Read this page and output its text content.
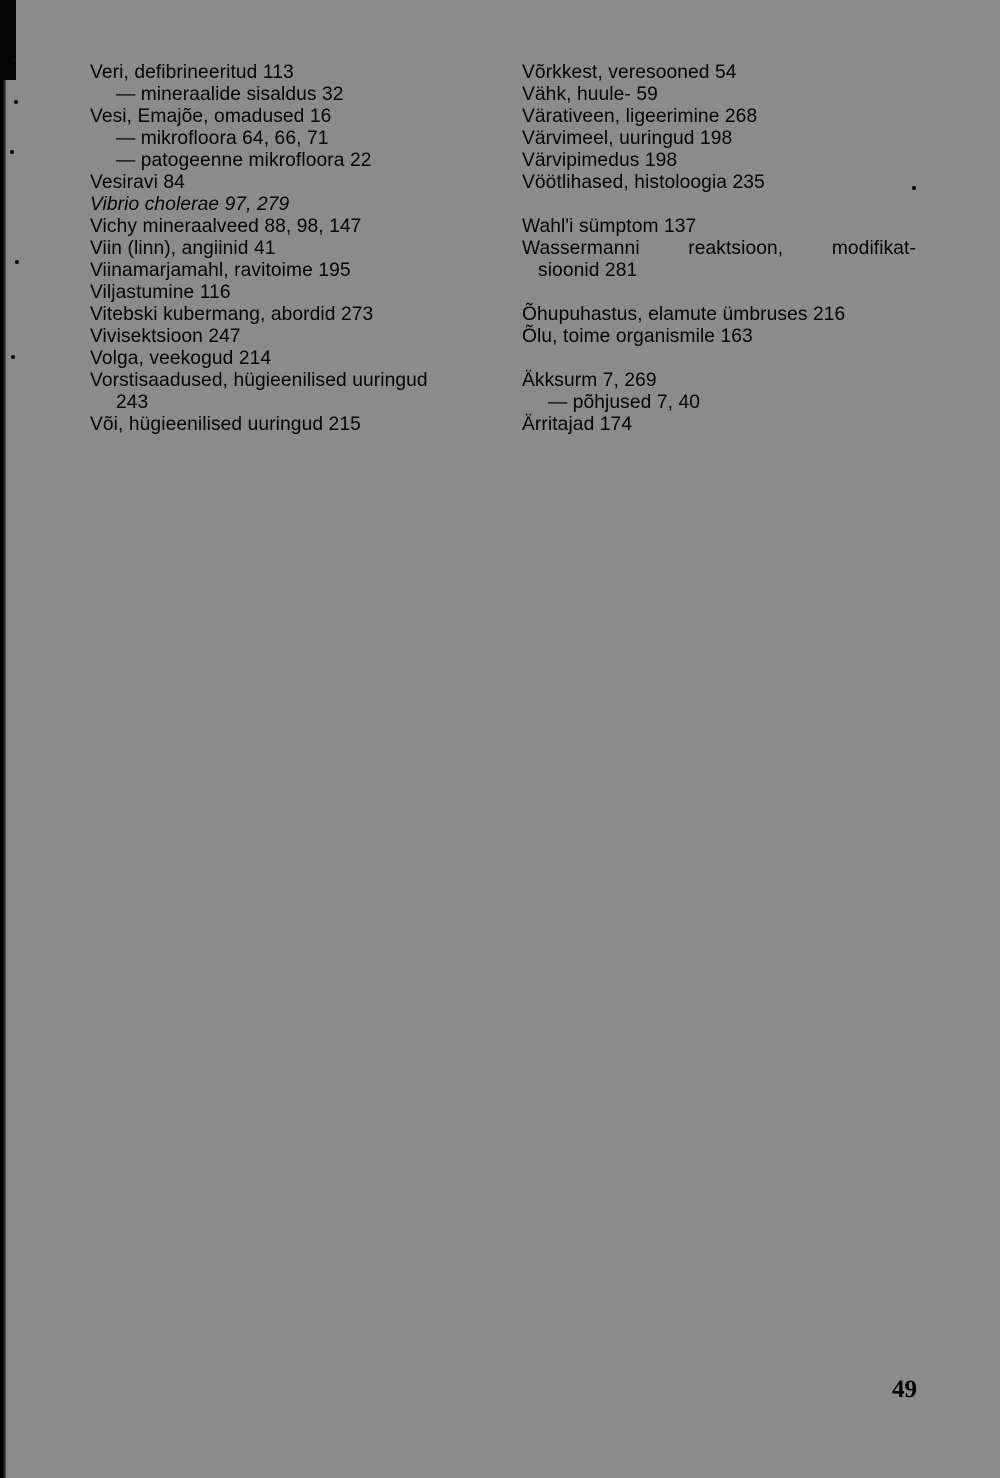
Veri, defibrineeritud 113
— mineraalide sisaldus 32
Vesi, Emajõe, omadused 16
— mikrofloora 64, 66, 71
— patogeenne mikrofloora 22
Vesiravi 84
Vibrio cholerae 97, 279
Vichy mineraalveed 88, 98, 147
Viin (linn), angiinid 41
Viinamarjamahl, ravitoime 195
Viljastumine 116
Vitebski kubermang, abordid 273
Vivisektsioon 247
Volga, veekogud 214
Vorstisaadused, hügieenilised uuringud
243
Või, hügieenilised uuringud 215
Võrkkest, veresooned 54
Vähk, huule- 59
Värativeen, ligeerimine 268
Värvimeel, uuringud 198
Värvipimedus 198
Vöötlihased, histoloogia 235
Wahl'i sümptom 137
Wassermanni	reaktsioon,	modifikat-
sioonid 281
Õhupuhastus, elamute ümbruses 216
Õlu, toime organismile 163
Äkksurm 7, 269
— põhjused 7, 40
Ärritajad 174
49
